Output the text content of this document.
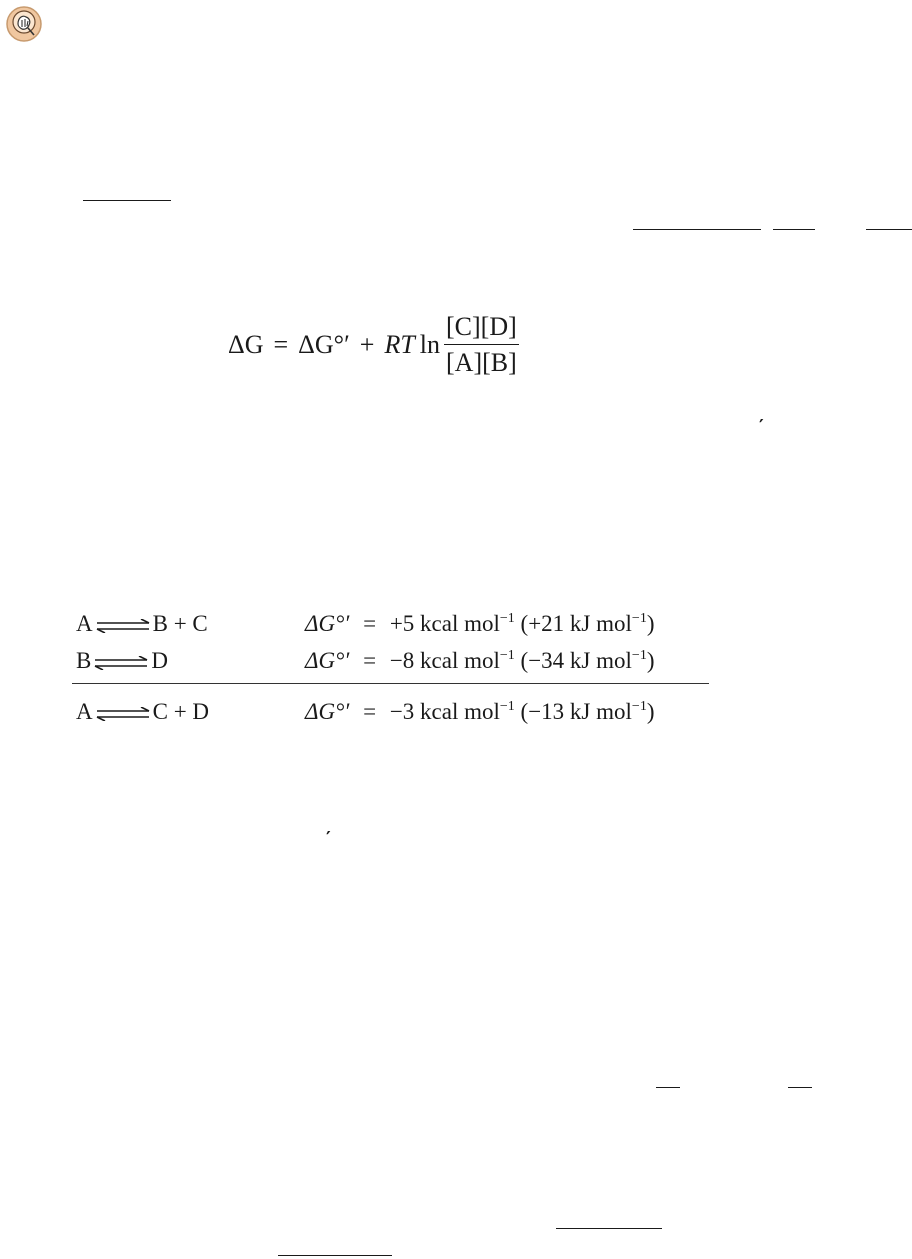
ΔG = ΔG°′ + RT $\ln \frac{[C][D]}{[A][B]}$
′
′
A ⇌ B + C	ΔG°′ = +5 kcal mol$^{-1}$ (+21 kJ mol$^{-1}$)
B ⇌ D	ΔG°′ = −8 kcal mol$^{-1}$ (−34 kJ mol$^{-1}$)
A ⇌ C + D	ΔG°′ = −3 kcal mol$^{-1}$ (−13 kJ mol$^{-1}$)
